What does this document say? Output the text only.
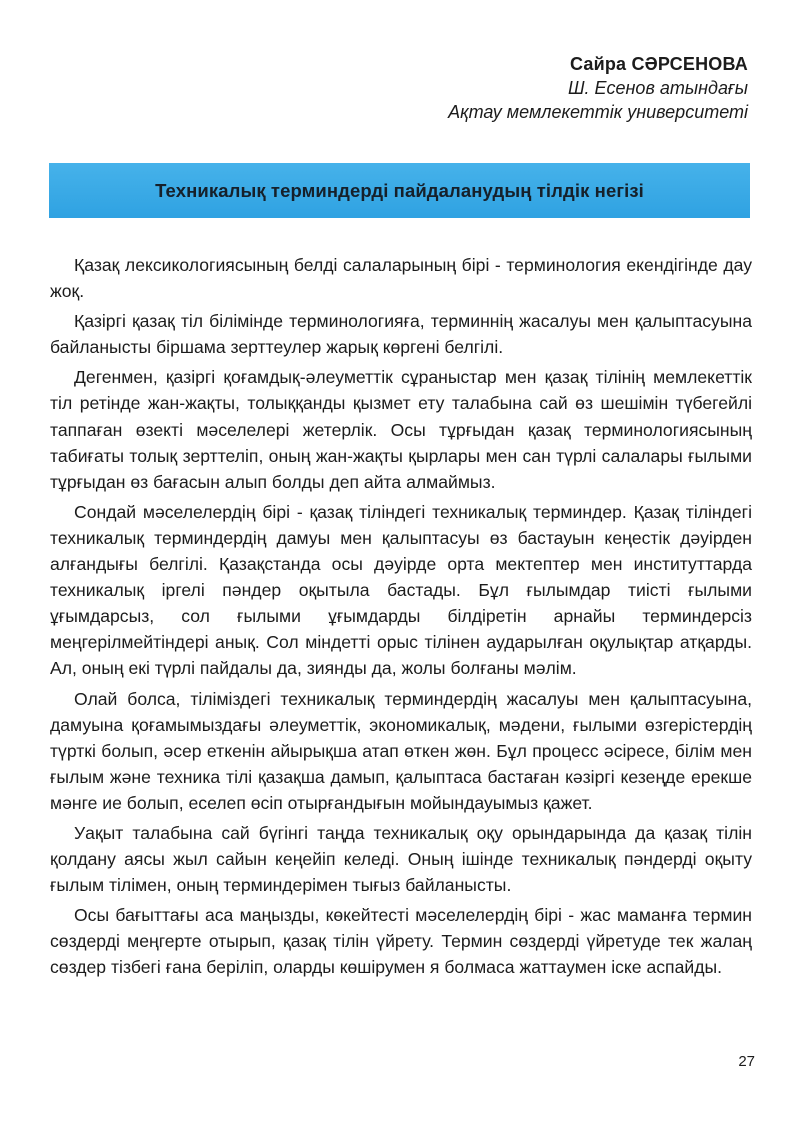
Сайра СӘРСЕНОВА
Ш. Есенов атындағы
Ақтау мемлекеттік университеті
Техникалық терминдерді пайдаланудың тілдік негізі

Қазақ лексикологиясының белді салаларының бірі - терминология екендігінде дау жоқ.

Қазіргі қазақ тіл білімінде терминологияға, терминнің жасалуы мен қалыптасуына байланысты біршама зерттеулер жарық көргені белгілі.

Дегенмен, қазіргі қоғамдық-әлеуметтік сұраныстар мен қазақ тілінің мемлекеттік тіл ретінде жан-жақты, толыққанды қызмет ету талабына сай өз шешімін түбегейлі таппаған өзекті мәселелері жетерлік. Осы тұрғыдан қазақ терминологиясының табиғаты толық зерттеліп, оның жан-жақты қырлары мен сан түрлі салалары ғылыми тұрғыдан өз бағасын алып болды деп айта алмаймыз.

Сондай мәселелердің бірі - қазақ тіліндегі техникалық терминдер. Қазақ тіліндегі техникалық терминдердің дамуы мен қалыптасуы өз бастауын кеңестік дәуірден алғандығы белгілі. Қазақстанда осы дәуірде орта мектептер мен институттарда техникалық іргелі пәндер оқытыла бастады. Бұл ғылымдар тиісті ғылыми ұғымдарсыз, сол ғылыми ұғымдарды білдіретін арнайы терминдерсіз меңгерілмейтіндері анық. Сол міндетті орыс тілінен аударылған оқулықтар атқарды. Ал, оның екі түрлі пайдалы да, зиянды да, жолы болғаны мәлім.

Олай болса, тіліміздегі техникалық терминдердің жасалуы мен қалыптасуына, дамуына қоғамымыздағы әлеуметтік, экономикалық, мәдени, ғылыми өзгерістердің түрткі болып, әсер еткенін айырықша атап өткен жөн. Бұл процесс әсіресе, білім мен ғылым және техника тілі қазақша дамып, қалыптаса бастаған кәзіргі кезеңде ерекше мәнге ие болып, еселеп өсіп отырғандығын мойындауымыз қажет.

Уақыт талабына сай бүгінгі таңда техникалық оқу орындарында да қазақ тілін қолдану аясы жыл сайын кеңейіп келеді. Оның ішінде техникалық пәндерді оқыту ғылым тілімен, оның терминдерімен тығыз байланысты.

Осы бағыттағы аса маңызды, көкейтесті мәселелердің бірі - жас маманға термин сөздерді меңгерте отырып, қазақ тілін үйрету. Термин сөздерді үйретуде тек жалаң сөздер тізбегі ғана беріліп, оларды көшірумен я болмаса жаттаумен іске аспайды.

27
